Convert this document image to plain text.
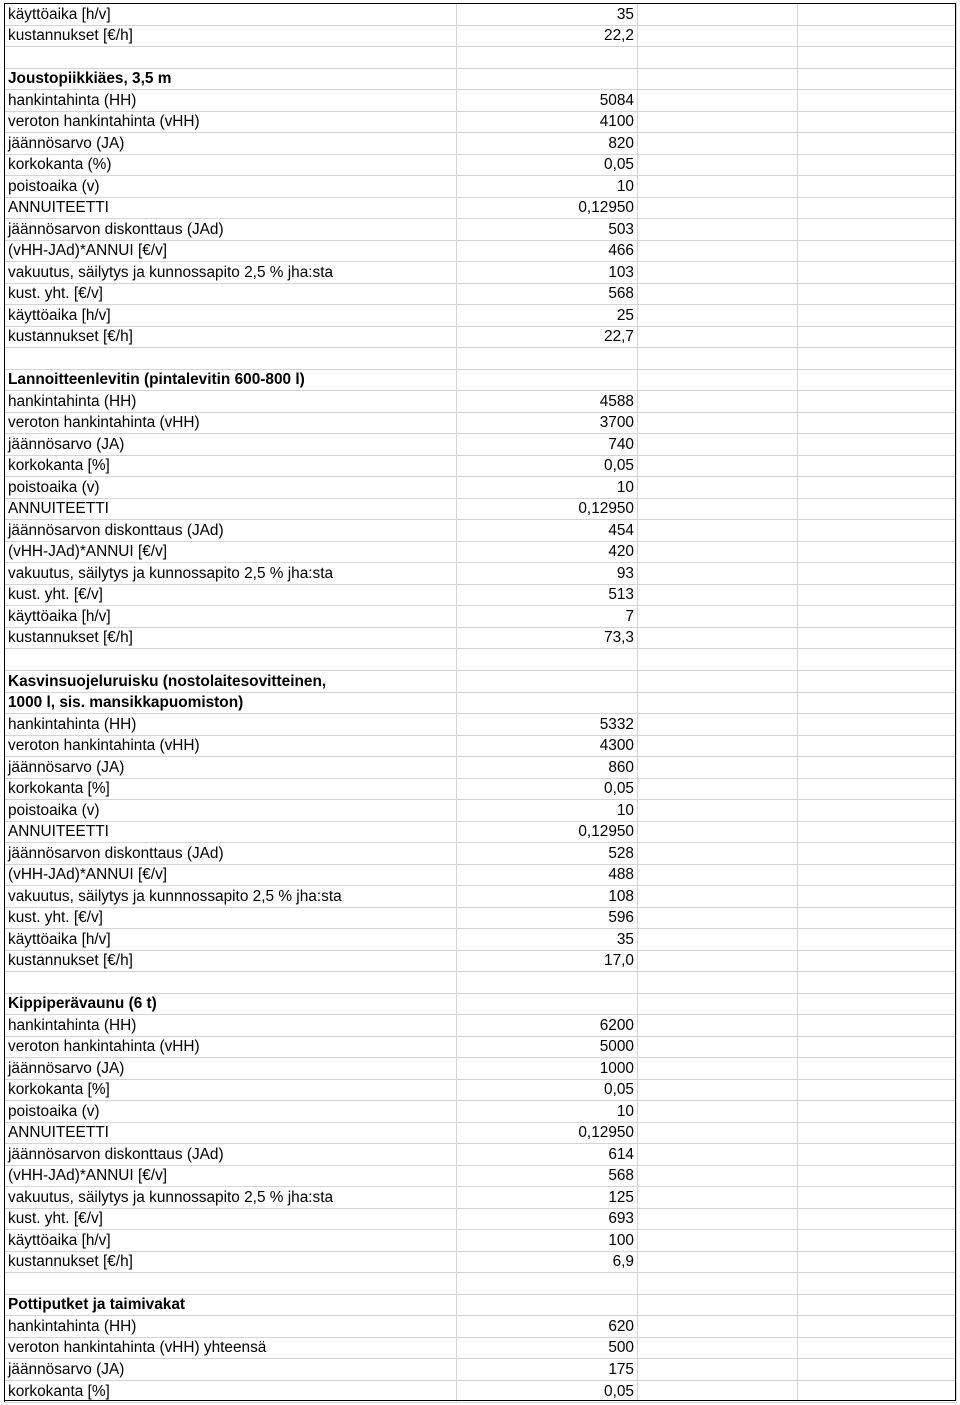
käyttöaika [h/v]	35		
kustannukset [€/h]	22,2		

Joustopiikkiäes, 3,5 m			
hankintahinta (HH)	5084		
veroton hankintahinta (vHH)	4100		
jäännösarvo (JA)	820		
korkokanta (%)	0,05		
poistoaika (v)	10		
ANNUITEETTI	0,12950		
jäännösarvon diskonttaus (JAd)	503		
(vHH-JAd)*ANNUI [€/v]	466		
vakuutus, säilytys ja kunnossapito 2,5 % jha:sta	103		
kust. yht. [€/v]	568		
käyttöaika [h/v]	25		
kustannukset [€/h]	22,7		

Lannoitteenlevitin (pintalevitin 600-800 l)			
hankintahinta (HH)	4588		
veroton hankintahinta (vHH)	3700		
jäännösarvo (JA)	740		
korkokanta [%]	0,05		
poistoaika (v)	10		
ANNUITEETTI	0,12950		
jäännösarvon diskonttaus (JAd)	454		
(vHH-JAd)*ANNUI [€/v]	420		
vakuutus, säilytys ja kunnossapito 2,5 % jha:sta	93		
kust. yht. [€/v]	513		
käyttöaika [h/v]	7		
kustannukset [€/h]	73,3		

Kasvinsuojeluruisku (nostolaitesovitteinen,			
1000 l, sis. mansikkapuomiston)			
hankintahinta (HH)	5332		
veroton hankintahinta (vHH)	4300		
jäännösarvo (JA)	860		
korkokanta [%]	0,05		
poistoaika (v)	10		
ANNUITEETTI	0,12950		
jäännösarvon diskonttaus (JAd)	528		
(vHH-JAd)*ANNUI [€/v]	488		
vakuutus, säilytys ja kunnnossapito 2,5 % jha:sta	108		
kust. yht. [€/v]	596		
käyttöaika [h/v]	35		
kustannukset [€/h]	17,0		

Kippiperävaunu (6 t)			
hankintahinta (HH)	6200		
veroton hankintahinta (vHH)	5000		
jäännösarvo (JA)	1000		
korkokanta [%]	0,05		
poistoaika (v)	10		
ANNUITEETTI	0,12950		
jäännösarvon diskonttaus (JAd)	614		
(vHH-JAd)*ANNUI [€/v]	568		
vakuutus, säilytys ja kunnossapito 2,5 % jha:sta	125		
kust. yht. [€/v]	693		
käyttöaika [h/v]	100		
kustannukset [€/h]	6,9		

Pottiputket ja taimivakat			
hankintahinta (HH)	620		
veroton hankintahinta (vHH) yhteensä	500		
jäännösarvo (JA)	175		
korkokanta [%]	0,05		
